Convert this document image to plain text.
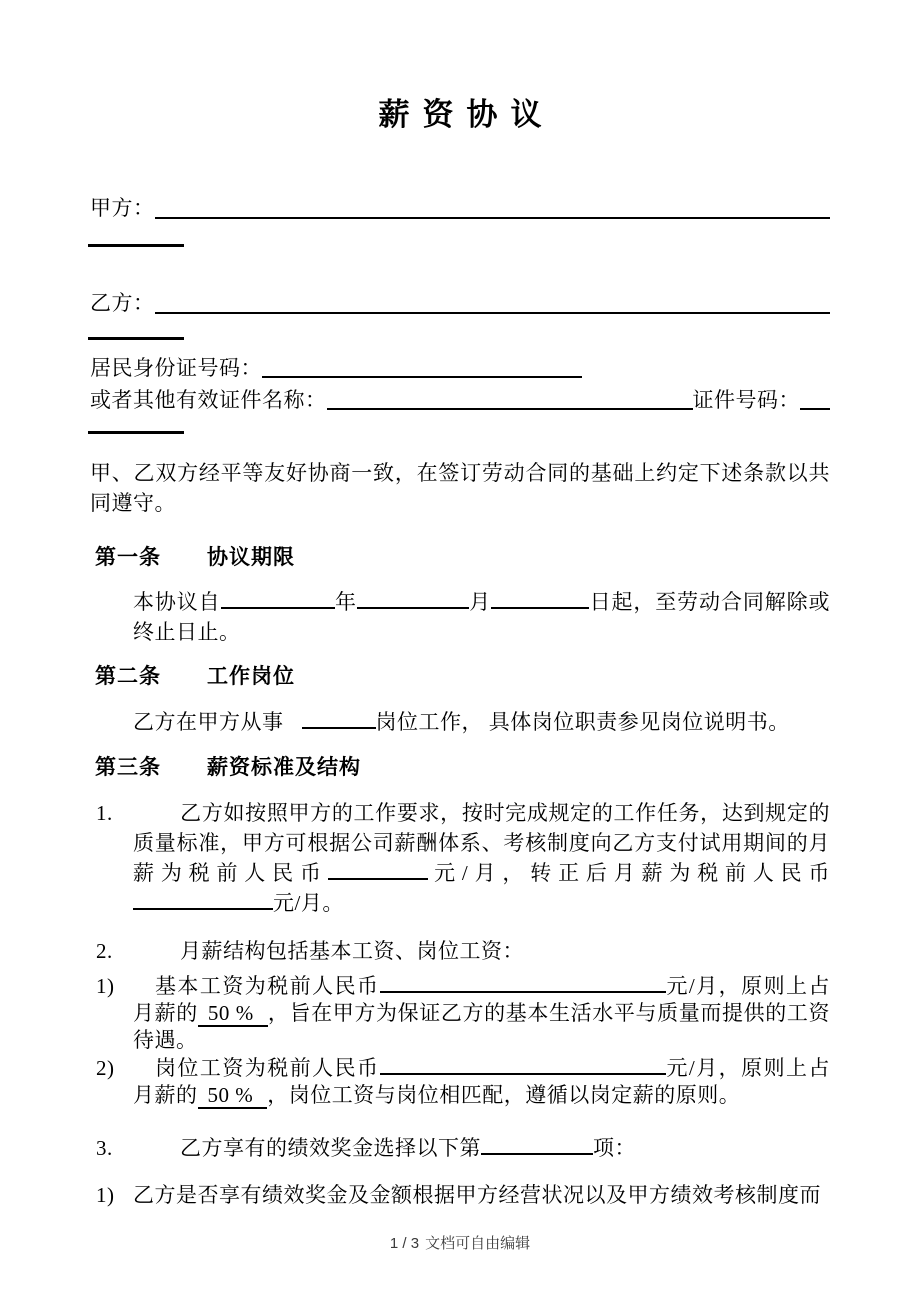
薪资协议
甲方：
乙方：
居民身份证号码：
或者其他有效证件名称：	证件号码：
甲、乙双方经平等友好协商一致，在签订劳动合同的基础上约定下述条款以共同遵守。
第一条 协议期限
本协议自	年	月	日起，至劳动合同解除或终止日止。
第二条 工作岗位
乙方在甲方从事	岗位工作， 具体岗位职责参见岗位说明书。
第三条 薪资标准及结构
1.	乙方如按照甲方的工作要求，按时完成规定的工作任务，达到规定的质量标准，甲方可根据公司薪酬体系、考核制度向乙方支付试用期间的月薪为税前人民币	元/月，转正后月薪为税前人民币元/月。
2.	月薪结构包括基本工资、岗位工资：
1) 基本工资为税前人民币	元/月，原则上占月薪的 50 % ，旨在甲方为保证乙方的基本生活水平与质量而提供的工资待遇。
2) 岗位工资为税前人民币	元/月，原则上占月薪的 50 % ，岗位工资与岗位相匹配，遵循以岗定薪的原则。
3.	乙方享有的绩效奖金选择以下第	项：
1) 乙方是否享有绩效奖金及金额根据甲方经营状况以及甲方绩效考核制度而
1 / 3 文档可自由编辑
